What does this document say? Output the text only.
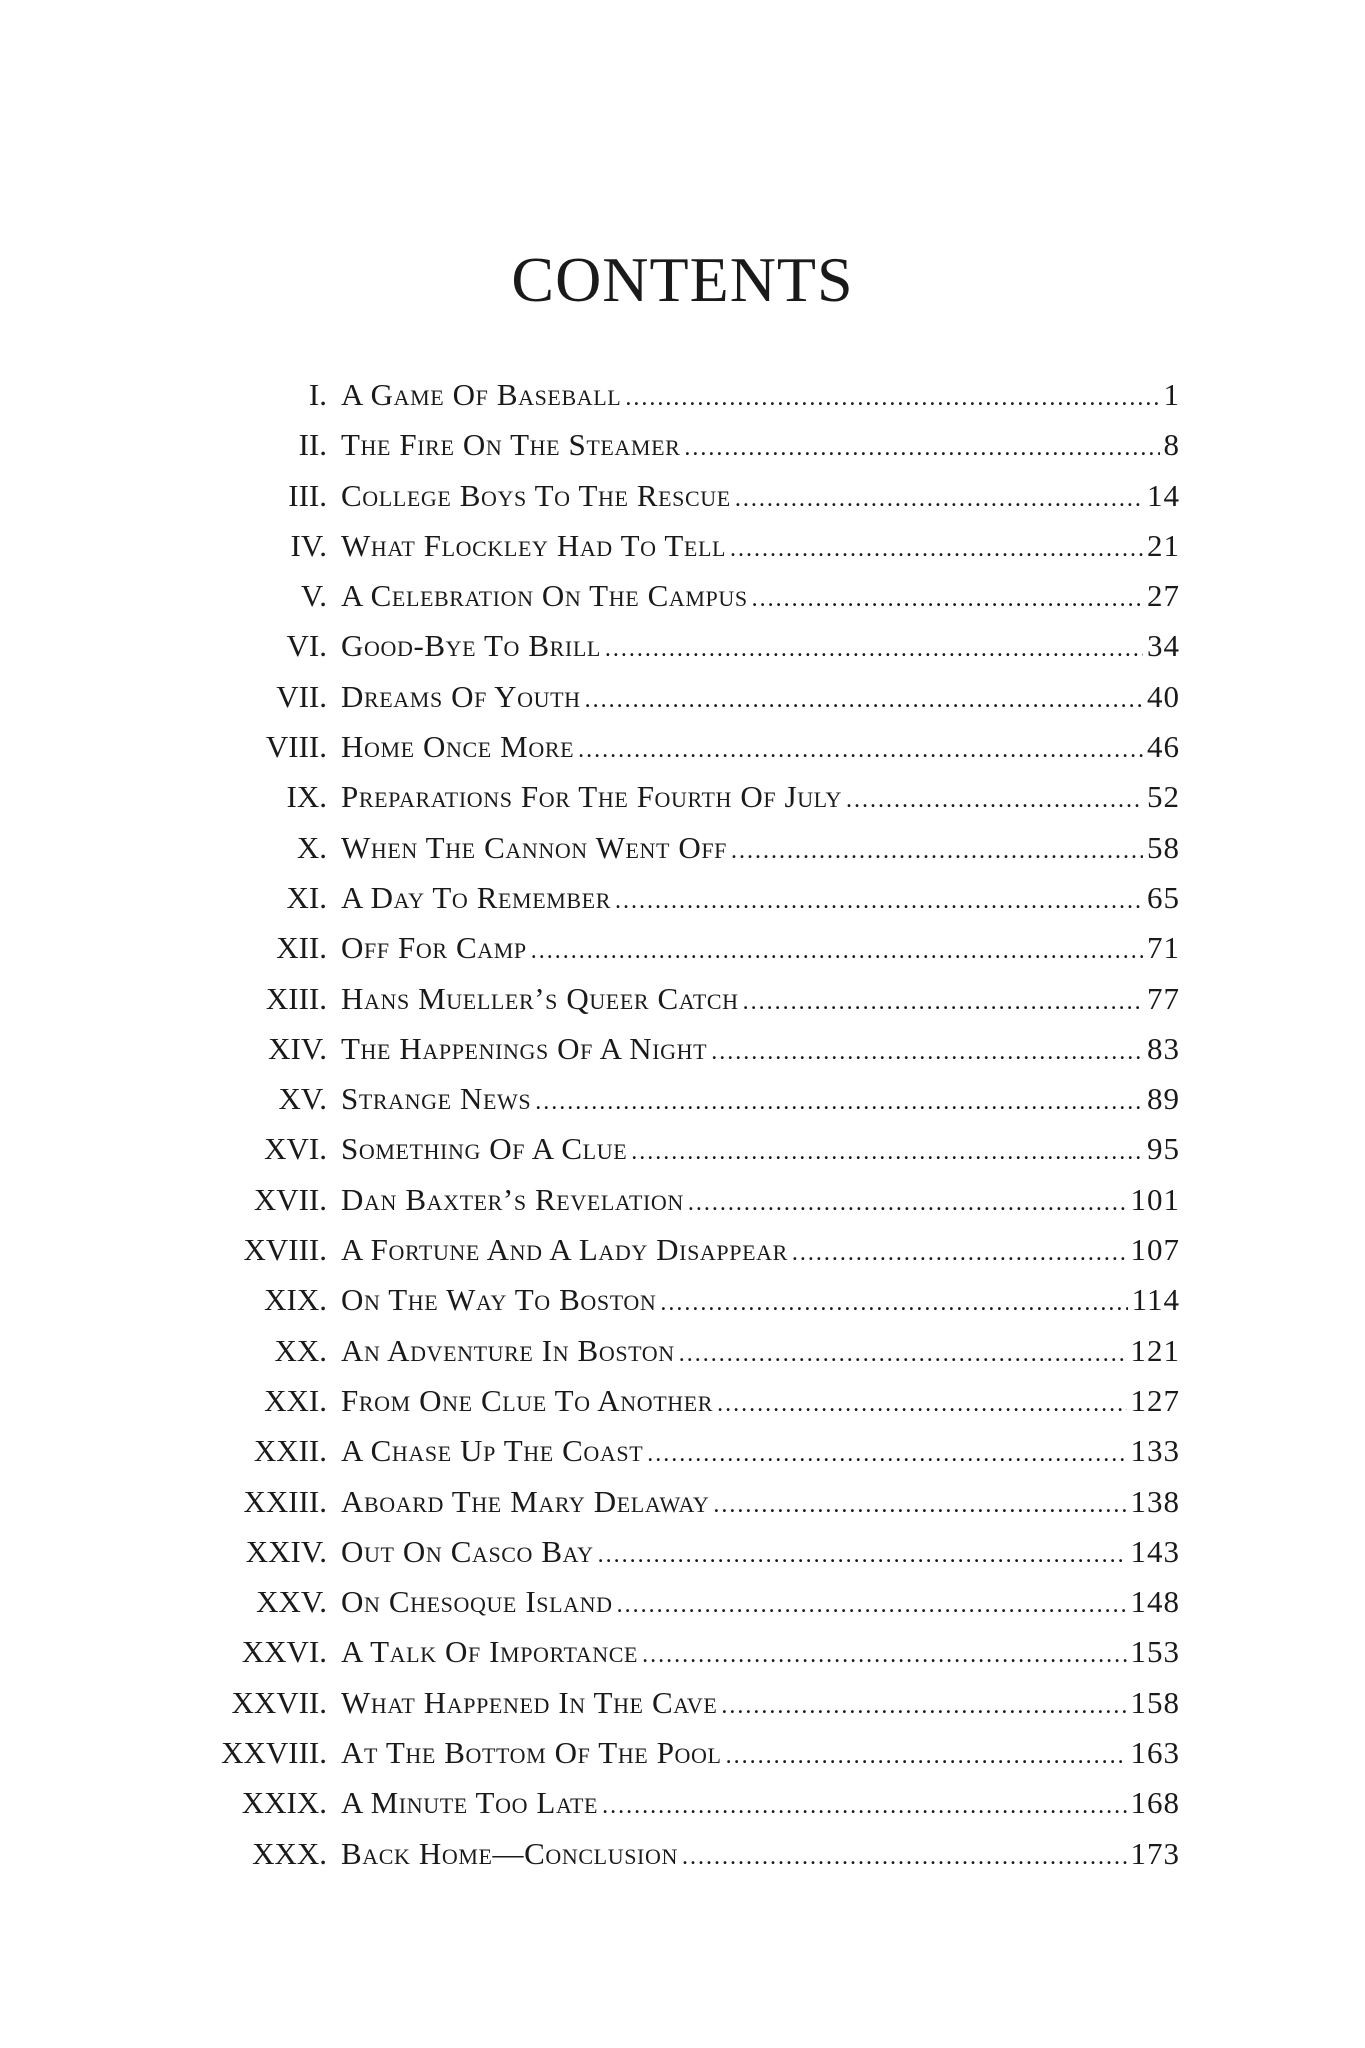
CONTENTS
I. A Game Of Baseball .....	1
II. The Fire On The Steamer .....	8
III. College Boys To The Rescue .....	14
IV. What Flockley Had To Tell .....	21
V. A Celebration On The Campus .....	27
VI. Good-Bye To Brill .....	34
VII. Dreams Of Youth .....	40
VIII. Home Once More .....	46
IX. Preparations For The Fourth Of July .....	52
X. When The Cannon Went Off .....	58
XI. A Day To Remember .....	65
XII. Off For Camp .....	71
XIII. Hans Mueller’s Queer Catch .....	77
XIV. The Happenings Of A Night .....	83
XV. Strange News .....	89
XVI. Something Of A Clue .....	95
XVII. Dan Baxter’s Revelation .....	101
XVIII. A Fortune And A Lady Disappear .....	107
XIX. On The Way To Boston .....	114
XX. An Adventure In Boston .....	121
XXI. From One Clue To Another .....	127
XXII. A Chase Up The Coast .....	133
XXIII. Aboard The Mary Delaway .....	138
XXIV. Out On Casco Bay .....	143
XXV. On Chesoque Island .....	148
XXVI. A Talk Of Importance .....	153
XXVII. What Happened In The Cave .....	158
XXVIII. At The Bottom Of The Pool .....	163
XXIX. A Minute Too Late .....	168
XXX. Back Home—Conclusion .....	173
